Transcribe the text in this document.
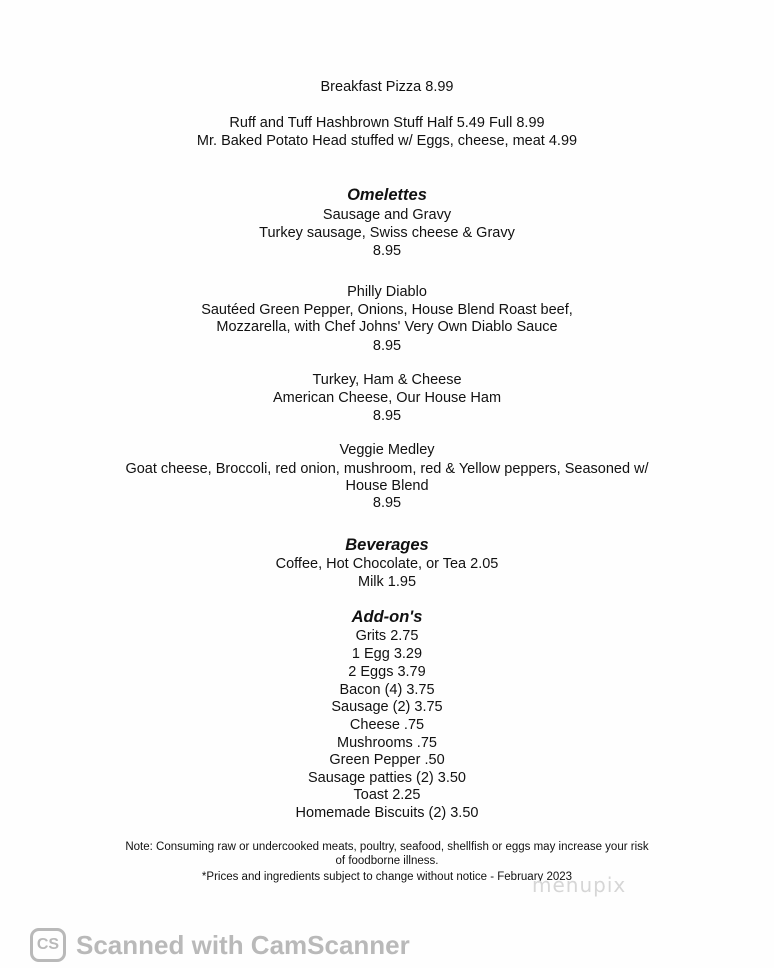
Breakfast Pizza 8.99
Ruff and Tuff Hashbrown Stuff Half 5.49 Full 8.99
Mr. Baked Potato Head stuffed w/ Eggs, cheese, meat 4.99
Omelettes
Sausage and Gravy
Turkey sausage, Swiss cheese & Gravy
8.95
Philly Diablo
Sautéed Green Pepper, Onions, House Blend Roast beef,
Mozzarella, with Chef Johns' Very Own Diablo Sauce
8.95
Turkey, Ham & Cheese
American Cheese, Our House Ham
8.95
Veggie Medley
Goat cheese, Broccoli, red onion, mushroom, red & Yellow peppers, Seasoned w/
House Blend
8.95
Beverages
Coffee, Hot Chocolate, or Tea 2.05
Milk 1.95
Add-on's
Grits 2.75
1 Egg 3.29
2 Eggs 3.79
Bacon (4) 3.75
Sausage (2) 3.75
Cheese .75
Mushrooms .75
Green Pepper .50
Sausage patties (2) 3.50
Toast 2.25
Homemade Biscuits (2) 3.50
Note: Consuming raw or undercooked meats, poultry, seafood, shellfish or eggs may increase your risk
of foodborne illness.
*Prices and ingredients subject to change without notice - February 2023
menupix
CS Scanned with CamScanner
